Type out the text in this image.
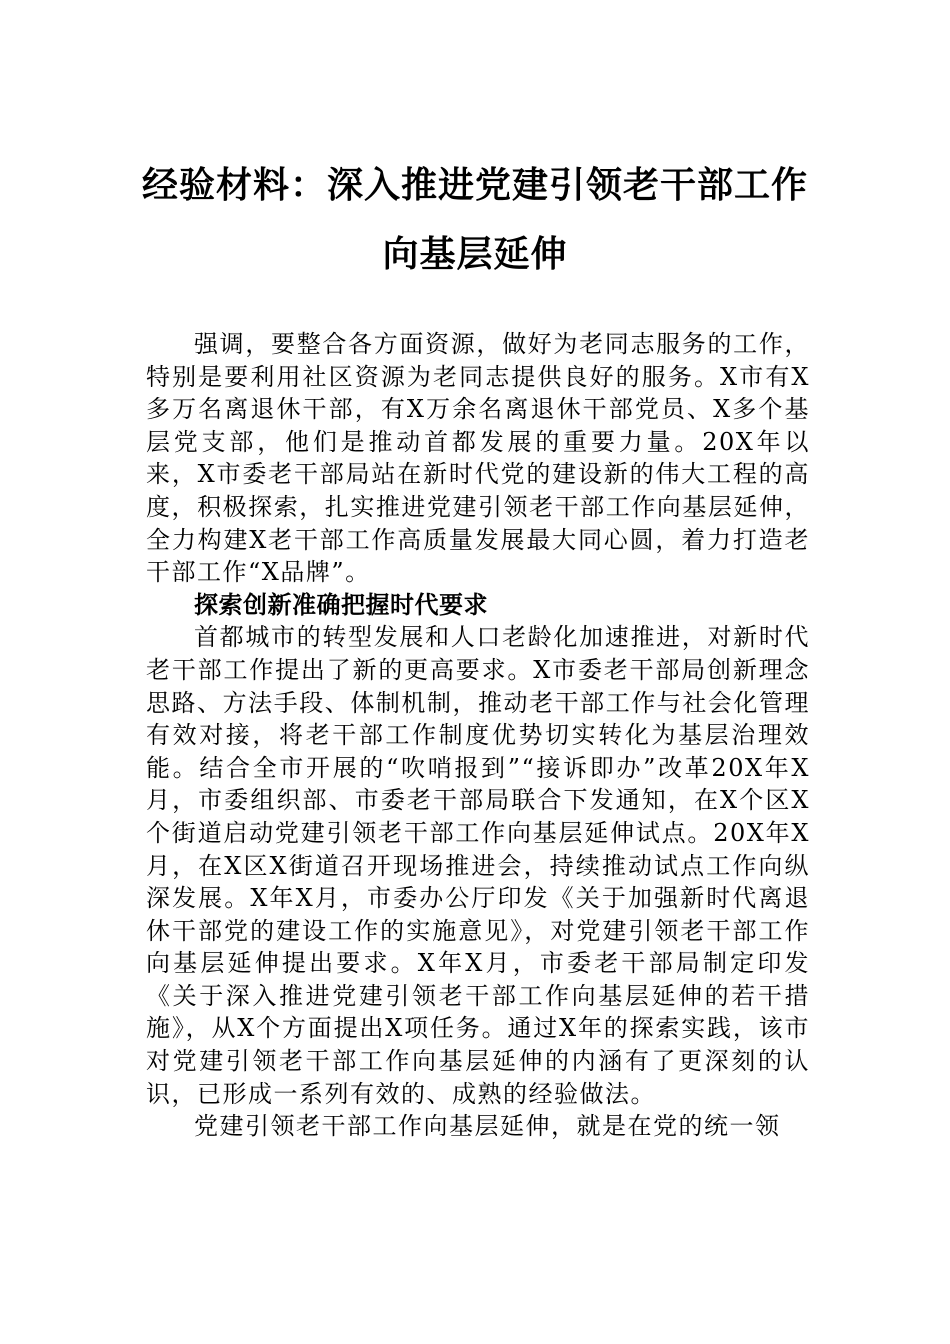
经验材料：深入推进党建引领老干部工作
向基层延伸

强调，要整合各方面资源，做好为老同志服务的工作，特别是要利用社区资源为老同志提供良好的服务。X市有X多万名离退休干部，有X万余名离退休干部党员、X多个基层党支部，他们是推动首都发展的重要力量。20X年以来，X市委老干部局站在新时代党的建设新的伟大工程的高度，积极探索，扎实推进党建引领老干部工作向基层延伸，全力构建X老干部工作高质量发展最大同心圆，着力打造老干部工作“X品牌”。

探索创新准确把握时代要求

首都城市的转型发展和人口老龄化加速推进，对新时代老干部工作提出了新的更高要求。X市委老干部局创新理念思路、方法手段、体制机制，推动老干部工作与社会化管理有效对接，将老干部工作制度优势切实转化为基层治理效能。结合全市开展的“吹哨报到”“接诉即办”改革20X年X月，市委组织部、市委老干部局联合下发通知，在X个区X个街道启动党建引领老干部工作向基层延伸试点。20X年X月，在X区X街道召开现场推进会，持续推动试点工作向纵深发展。X年X月，市委办公厅印发《关于加强新时代离退休干部党的建设工作的实施意见》，对党建引领老干部工作向基层延伸提出要求。X年X月，市委老干部局制定印发《关于深入推进党建引领老干部工作向基层延伸的若干措施》，从X个方面提出X项任务。通过X年的探索实践，该市对党建引领老干部工作向基层延伸的内涵有了更深刻的认识，已形成一系列有效的、成熟的经验做法。

党建引领老干部工作向基层延伸，就是在党的统一领
